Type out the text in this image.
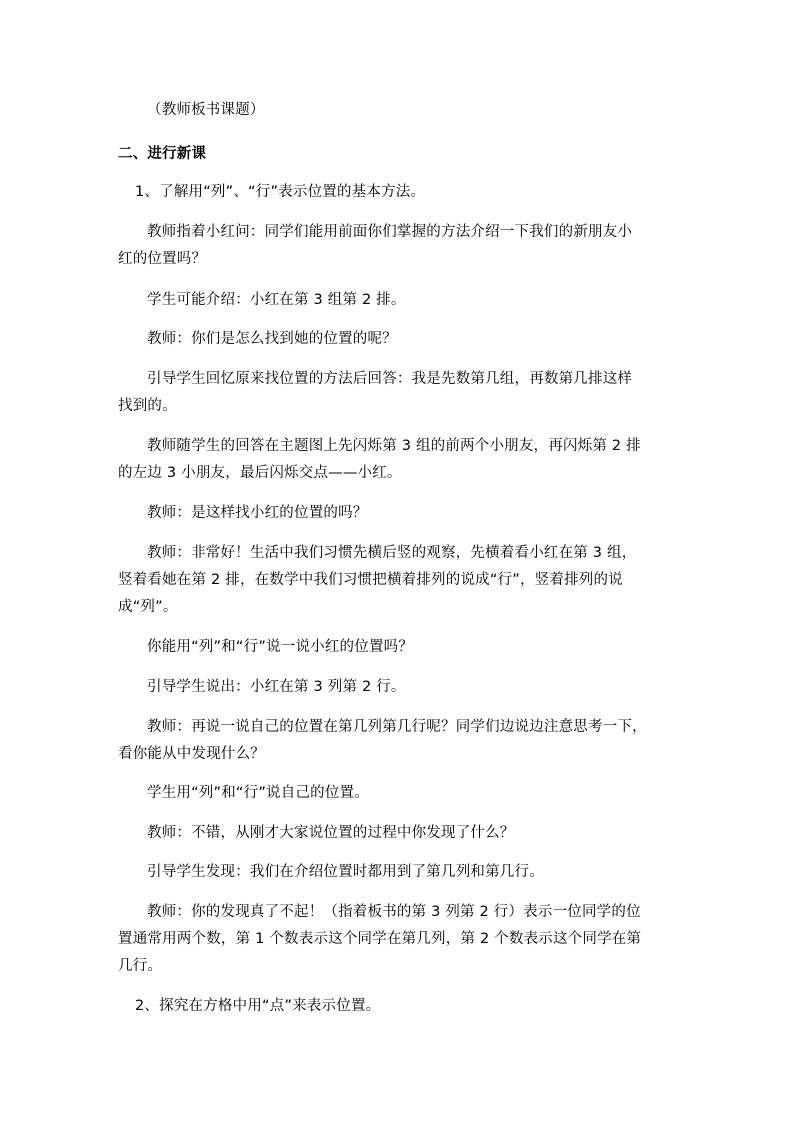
（教师板书课题）
二、进行新课
1、了解用“列”、“行”表示位置的基本方法。
教师指着小红问：同学们能用前面你们掌握的方法介绍一下我们的新朋友小
红的位置吗？
学生可能介绍：小红在第 3 组第 2 排。
教师：你们是怎么找到她的位置的呢？
引导学生回忆原来找位置的方法后回答：我是先数第几组，再数第几排这样
找到的。
教师随学生的回答在主题图上先闪烁第 3 组的前两个小朋友，再闪烁第 2 排
的左边 3 小朋友，最后闪烁交点——小红。
教师：是这样找小红的位置的吗？
教师：非常好！生活中我们习惯先横后竖的观察，先横着看小红在第 3 组，
竖着看她在第 2 排，在数学中我们习惯把横着排列的说成“行”，竖着排列的说
成“列”。
你能用“列”和“行”说一说小红的位置吗？
引导学生说出：小红在第 3 列第 2 行。
教师：再说一说自己的位置在第几列第几行呢？同学们边说边注意思考一下，
看你能从中发现什么？
学生用“列”和“行”说自己的位置。
教师：不错，从刚才大家说位置的过程中你发现了什么？
引导学生发现：我们在介绍位置时都用到了第几列和第几行。
教师：你的发现真了不起！（指着板书的第 3 列第 2 行）表示一位同学的位
置通常用两个数，第 1 个数表示这个同学在第几列，第 2 个数表示这个同学在第
几行。
2、探究在方格中用“点”来表示位置。
